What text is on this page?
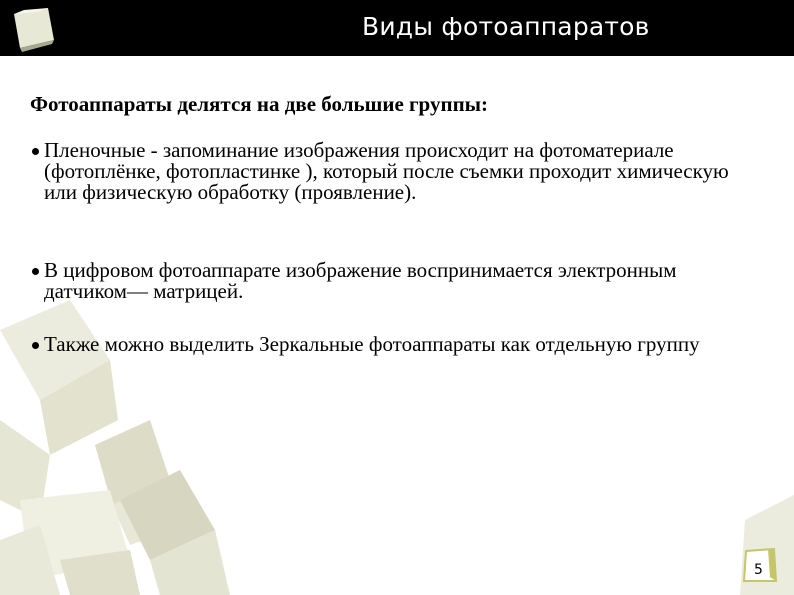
Виды фотоаппаратов
Фотоаппараты делятся на две большие группы:
Пленочные - запоминание изображения происходит на фотоматериале (фотоплёнке, фотопластинке ), который после съемки проходит химическую или физическую обработку (проявление).
В цифровом фотоаппарате изображение воспринимается электронным датчиком— матрицей.
Также можно выделить Зеркальные фотоаппараты как отдельную группу
5
